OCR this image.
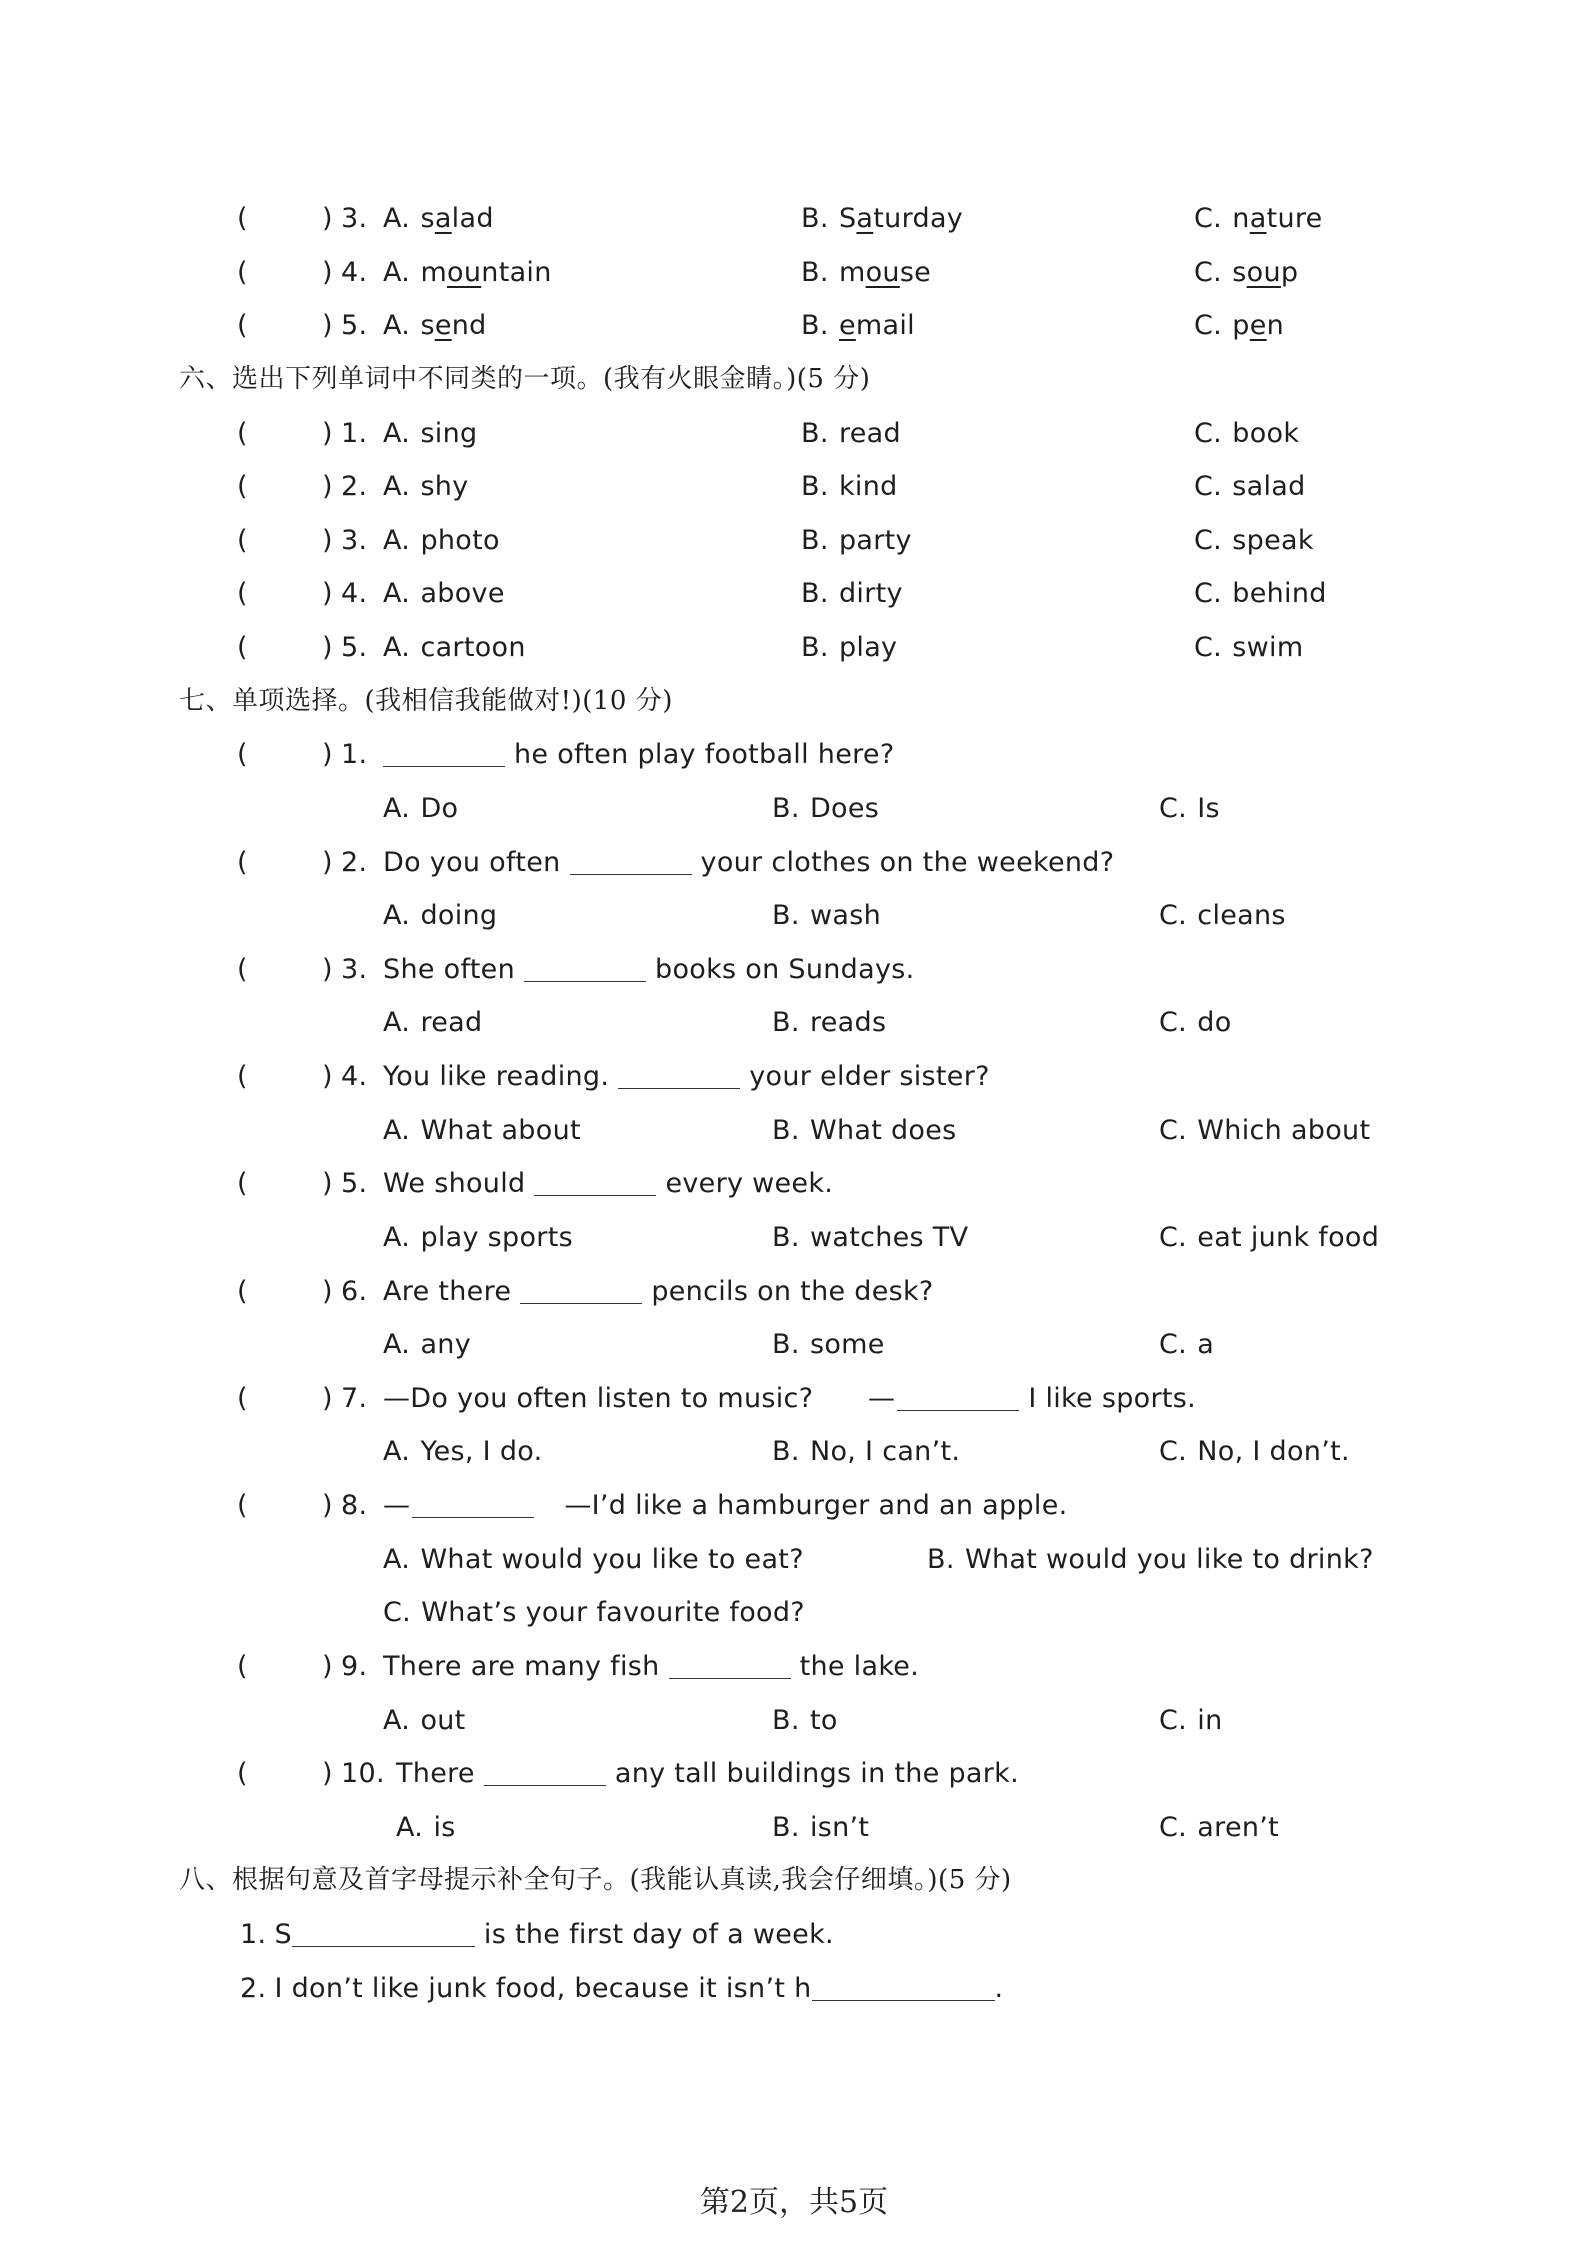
(	) 3. A. salad	B. Saturday	C. nature
(	) 4. A. mountain	B. mouse	C. soup
(	) 5. A. send	B. email	C. pen
六、选出下列单词中不同类的一项。(我有火眼金睛。)(5 分)
(	) 1. A. sing	B. read	C. book
(	) 2. A. shy	B. kind	C. salad
(	) 3. A. photo	B. party	C. speak
(	) 4. A. above	B. dirty	C. behind
(	) 5. A. cartoon	B. play	C. swim
七、单项选择。(我相信我能做对!)(10 分)
(	) 1.	he often play football here?
A. Do	B. Does	C. Is
(	) 2. Do you often	your clothes on the weekend?
A. doing	B. wash	C. cleans
(	) 3. She often	books on Sundays.
A. read	B. reads	C. do
(	) 4. You like reading.	your elder sister?
A. What about	B. What does	C. Which about
(	) 5. We should	every week.
A. play sports	B. watches TV	C. eat junk food
(	) 6. Are there	pencils on the desk?
A. any	B. some	C. a
(	) 7. —Do you often listen to music? —	I like sports.
A. Yes, I do.	B. No, I can’t.	C. No, I don’t.
(	) 8. —	—I’d like a hamburger and an apple.
A. What would you like to eat?	B. What would you like to drink?
C. What’s your favourite food?
(	) 9. There are many fish	the lake.
A. out	B. to	C. in
(	) 10. There	any tall buildings in the park.
A. is	B. isn’t	C. aren’t
八、根据句意及首字母提示补全句子。(我能认真读,我会仔细填。)(5 分)
1. S	is the first day of a week.
2. I don’t like junk food, because it isn’t h	.
第2页，共5页
